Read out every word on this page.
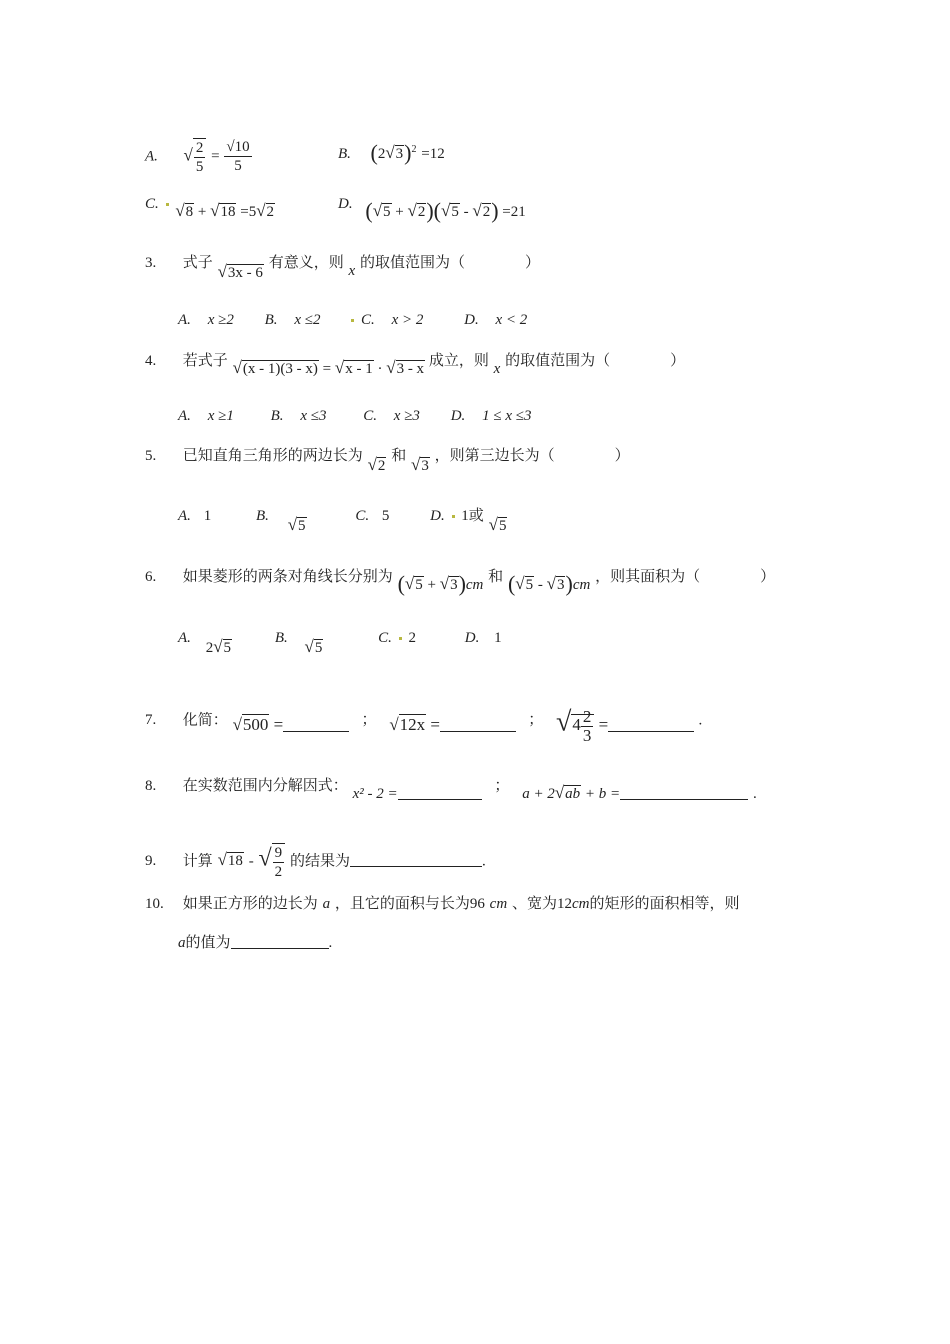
A. √ $\frac{2}{5} = \frac{√10}{5}$	B. $(2√3)^2 =12$
C. √8 + √18 =5√2	D. (√5 + √2)(√5 - √2) =21
3. 式子 √3x - 6 有意义，则 x 的取值范围为（　　　　）
A. x ≥2 B. x ≤2	C. x > 2	D. x < 2
4. 若式子 √(x - 1)(3 - x) = √x - 1 · √3 - x 成立，则 x 的取值范围为（　　　　）
A. x ≥1 B. x ≤3 C. x ≥3 D. 1 ≤ x ≤3
5. 已知直角三角形的两边长为 √2 和 √3 ，则第三边长为（　　　　）
A. 1	B. √5 C. 5	D. 1或 √5
6. 如果菱形的两条对角线长分别为 (√5 + √3)cm 和 (√5 - √3)cm ，则其面积为（　　　　）
A. 2√5 B. √5 C. 2	D. 1
7. 化简： √500 =	； √12x =	； $√4 \frac{2}{3}$ =	.
8. 在实数范围内分解因式： x² - 2 =	； a + 2√ab + b =	.
9. 计算 √18 - √ $\frac{9}{2}$ 的结果为	.
10. 如果正方形的边长为 a ，且它的面积与长为96 cm 、宽为12cm的矩形的面积相等，则
a的值为	.
